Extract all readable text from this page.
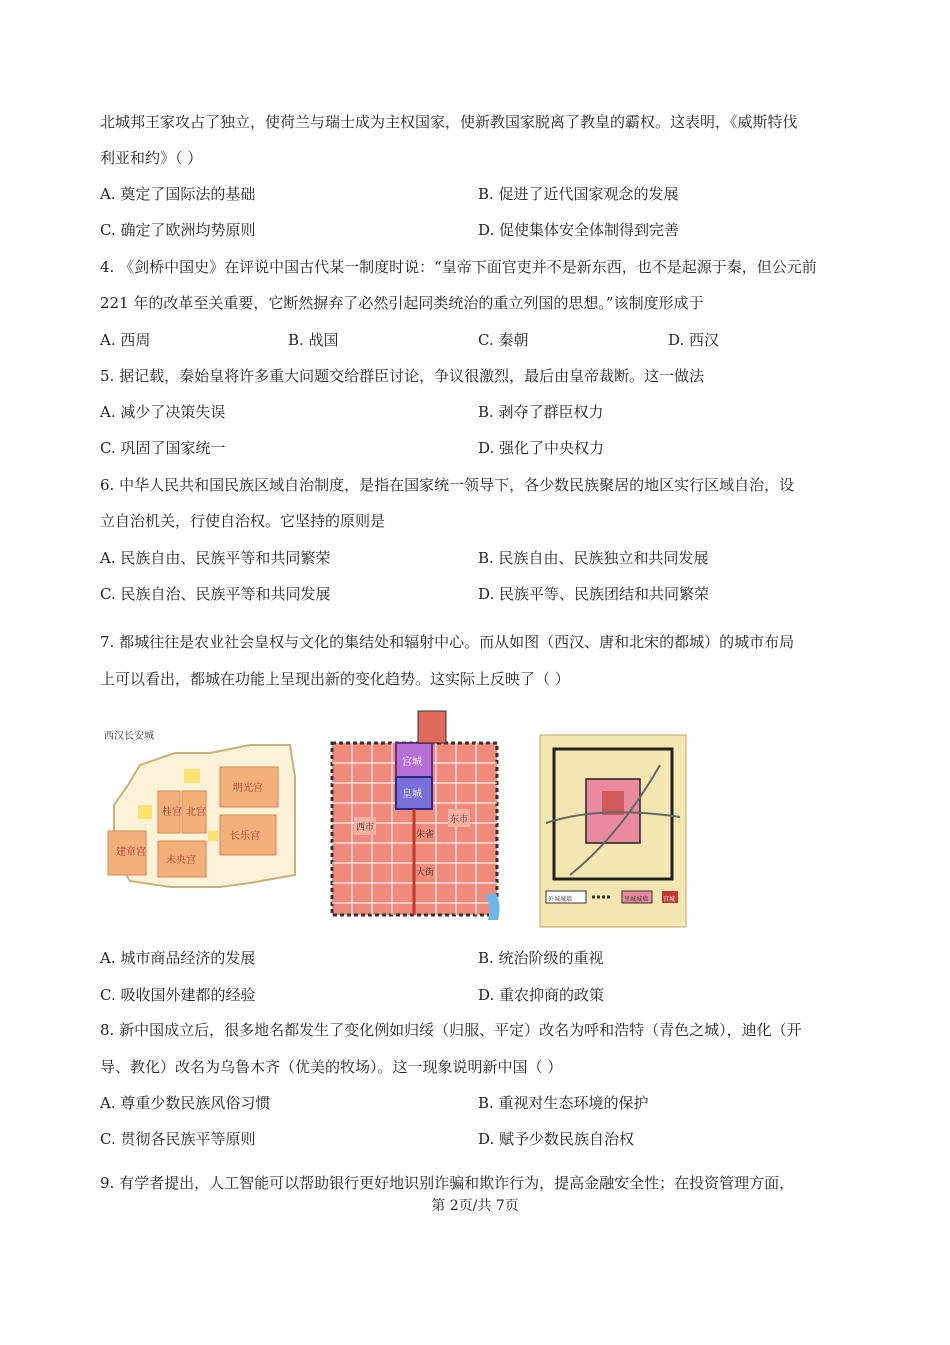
北城邦王家攻占了独立，使荷兰与瑞士成为主权国家，使新教国家脱离了教皇的霸权。这表明，《威斯特伐
利亚和约》（ ）
A. 奠定了国际法的基础	B. 促进了近代国家观念的发展
C. 确定了欧洲均势原则	D. 促使集体安全体制得到完善
4. 《剑桥中国史》在评说中国古代某一制度时说：“皇帝下面官吏并不是新东西，也不是起源于秦，但公元前
221 年的改革至关重要，它断然摒弃了必然引起同类统治的重立列国的思想。”该制度形成于
A. 西周	B. 战国	C. 秦朝	D. 西汉
5. 据记载，秦始皇将许多重大问题交给群臣讨论，争议很激烈，最后由皇帝裁断。这一做法
A. 减少了决策失误	B. 剥夺了群臣权力
C. 巩固了国家统一	D. 强化了中央权力
6. 中华人民共和国民族区域自治制度，是指在国家统一领导下，各少数民族聚居的地区实行区域自治，设
立自治机关，行使自治权。它坚持的原则是
A. 民族自由、民族平等和共同繁荣	B. 民族自由、民族独立和共同发展
C. 民族自治、民族平等和共同发展	D. 民族平等、民族团结和共同繁荣
7. 都城往往是农业社会皇权与文化的集结处和辐射中心。而从如图（西汉、唐和北宋的都城）的城市布局
上可以看出，都城在功能上呈现出新的变化趋势。这实际上反映了（ ）
西汉长安城
建章宫
明光宫
桂宫 北宫
长乐宫
未央宫
宫城
皇城
东市
西市
朱雀
大街
外城城墙	里城城墙 宫城
A. 城市商品经济的发展	B. 统治阶级的重视
C. 吸收国外建都的经验	D. 重农抑商的政策
8. 新中国成立后，很多地名都发生了变化例如归绥（归服、平定）改名为呼和浩特（青色之城），迪化（开
导、教化）改名为乌鲁木齐（优美的牧场）。这一现象说明新中国（ ）
A. 尊重少数民族风俗习惯	B. 重视对生态环境的保护
C. 贯彻各民族平等原则	D. 赋予少数民族自治权
9. 有学者提出，人工智能可以帮助银行更好地识别诈骗和欺诈行为，提高金融安全性；在投资管理方面，
第 2页/共 7页
